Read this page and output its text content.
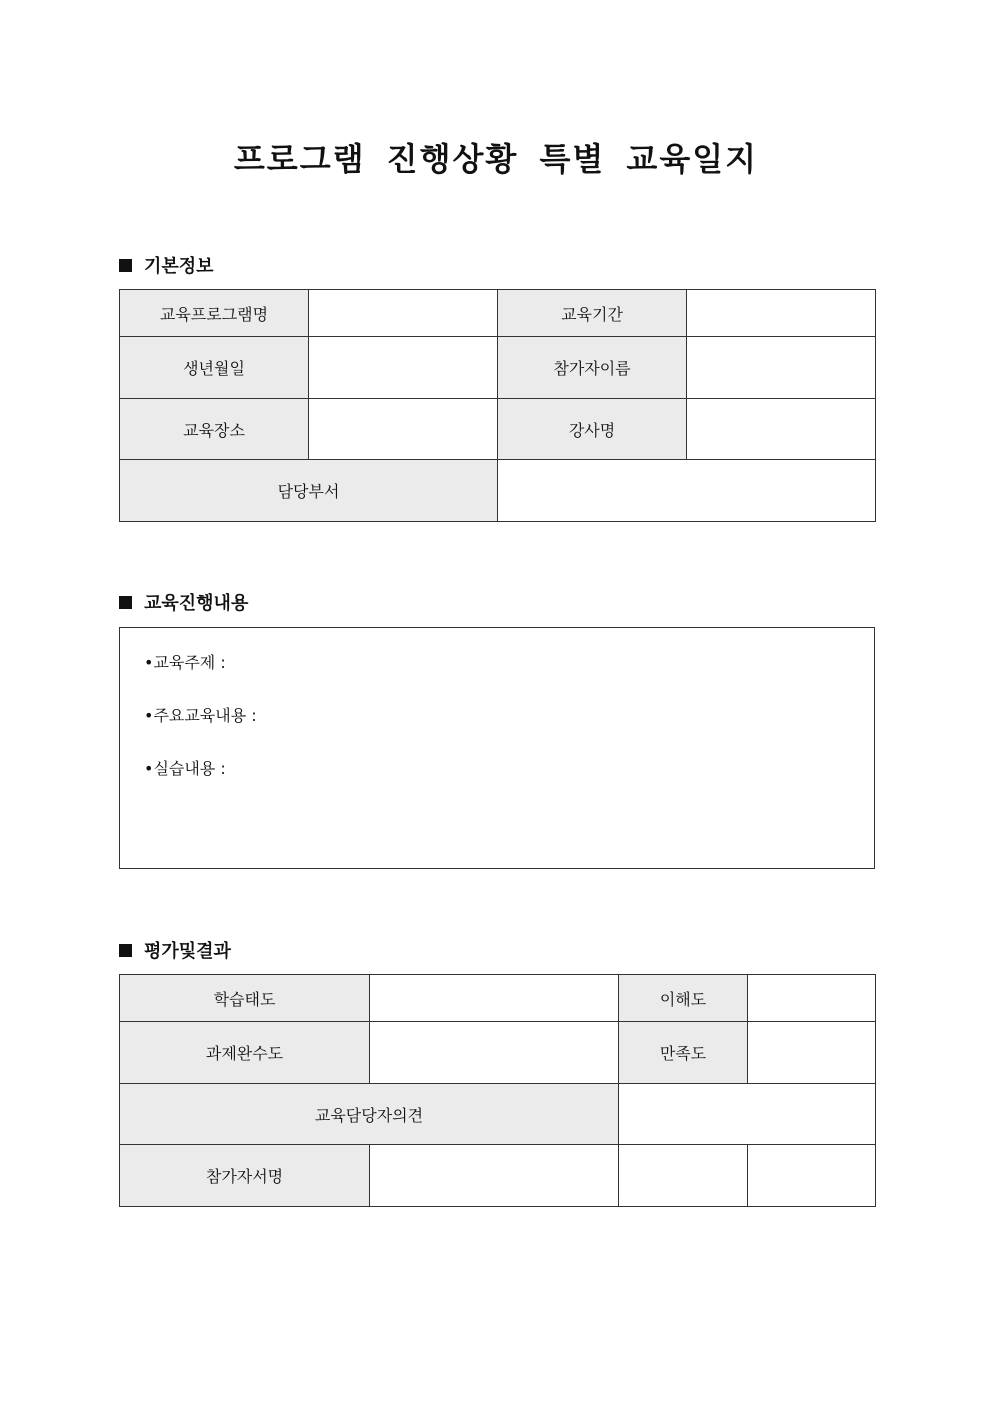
프로그램 진행상황 특별 교육일지
기본정보
교육프로그램명		교육기간	
생년월일		참가자이름	
교육장소		강사명	
담당부서			
교육진행내용
•교육주제 :
•주요교육내용 :
•실습내용 :
평가및결과
학습태도		이해도	
과제완수도		만족도	
교육담당자의견			
참가자서명			
